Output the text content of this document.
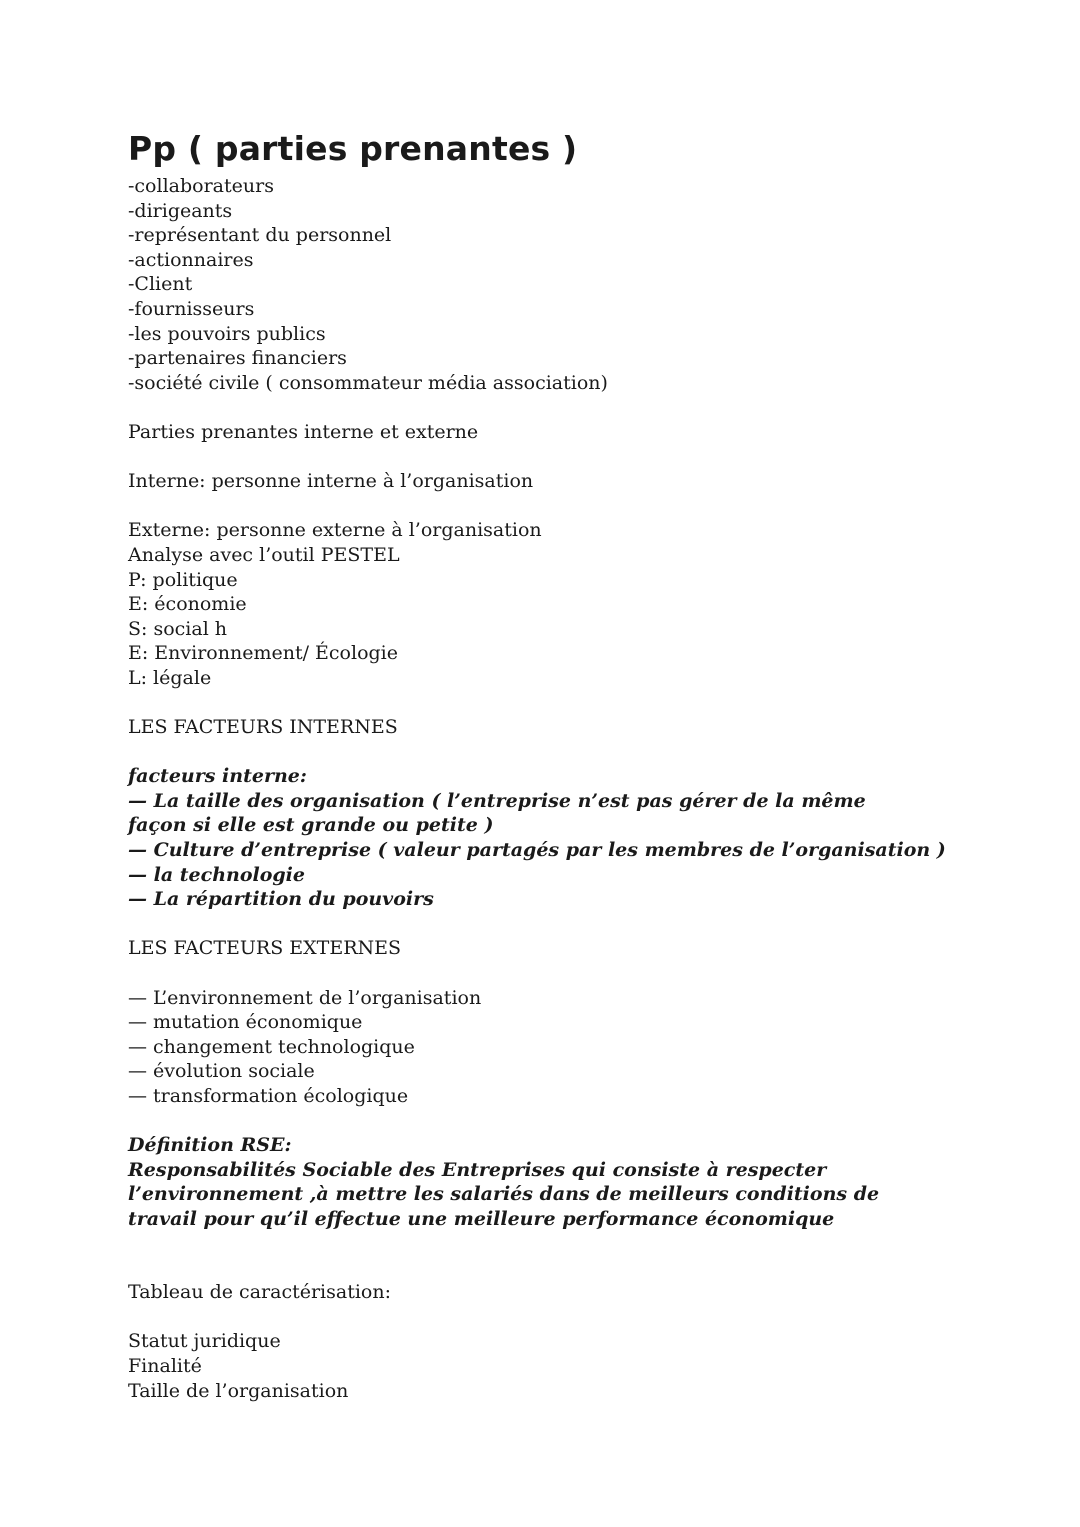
Pp ( parties prenantes )
-collaborateurs
-dirigeants
-représentant du personnel
-actionnaires
-Client
-fournisseurs
-les pouvoirs publics
-partenaires financiers
-société civile ( consommateur média association)
Parties prenantes interne et externe
Interne: personne interne à l’organisation
Externe: personne externe à l’organisation
Analyse avec l’outil PESTEL
P: politique
E: économie
S: social h
E: Environnement/ Écologie
L: légale
LES FACTEURS INTERNES
facteurs interne:
— La taille des organisation ( l’entreprise n’est pas gérer de la même façon si elle est grande ou petite )
— Culture d’entreprise ( valeur partagés par les membres de l’organisation )
— la technologie
— La répartition du pouvoirs
LES FACTEURS EXTERNES
— L’environnement de l’organisation
— mutation économique
— changement technologique
— évolution sociale
— transformation écologique
Définition RSE:
Responsabilités Sociable des Entreprises qui consiste à respecter l’environnement ,à mettre les salariés dans de meilleurs conditions de travail pour qu’il effectue une meilleure performance économique
Tableau de caractérisation:
Statut juridique
Finalité
Taille de l’organisation
